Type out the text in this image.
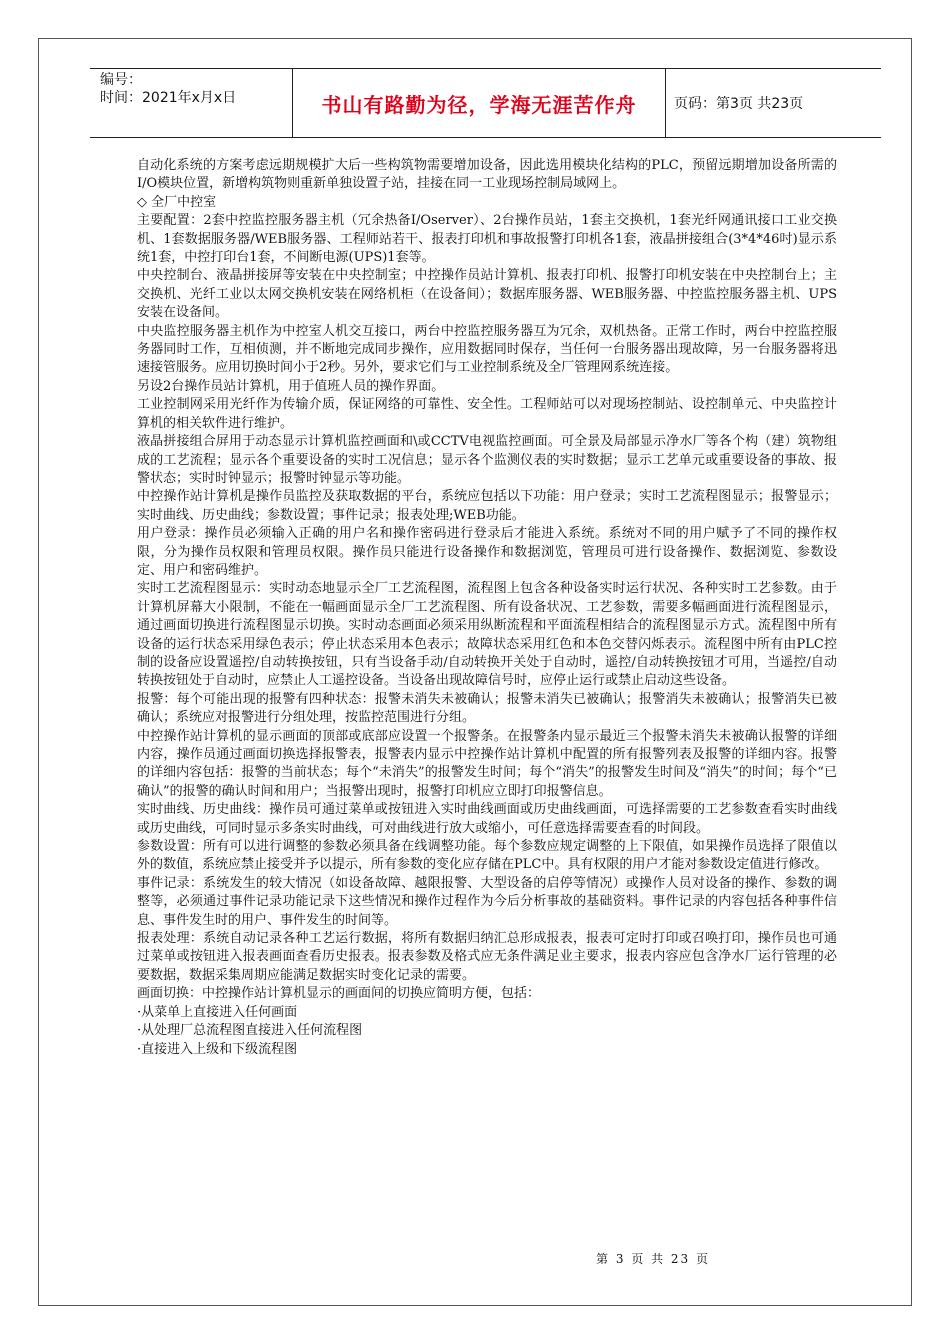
编号：
时间：2021年x月x日	书山有路勤为径，学海无涯苦作舟	页码：第3页 共23页

自动化系统的方案考虑远期规模扩大后一些构筑物需要增加设备，因此选用模块化结构的PLC，预留远期增加设备所需的I/O模块位置，新增构筑物则重新单独设置子站，挂接在同一工业现场控制局域网上。

◇ 全厂中控室

主要配置：2套中控监控服务器主机（冗余热备I/Oserver）、2台操作员站，1套主交换机，1套光纤网通讯接口工业交换机、1套数据服务器/WEB服务器、工程师站若干、报表打印机和事故报警打印机各1套，液晶拼接组合(3*4*46吋)显示系统1套，中控打印台1套，不间断电源(UPS)1套等。

中央控制台、液晶拼接屏等安装在中央控制室；中控操作员站计算机、报表打印机、报警打印机安装在中央控制台上；主交换机、光纤工业以太网交换机安装在网络机柜（在设备间）；数据库服务器、WEB服务器、中控监控服务器主机、UPS安装在设备间。

中央监控服务器主机作为中控室人机交互接口，两台中控监控服务器互为冗余，双机热备。正常工作时，两台中控监控服务器同时工作，互相侦测，并不断地完成同步操作，应用数据同时保存，当任何一台服务器出现故障，另一台服务器将迅速接管服务。应用切换时间小于2秒。另外，要求它们与工业控制系统及全厂管理网系统连接。

另设2台操作员站计算机，用于值班人员的操作界面。

工业控制网采用光纤作为传输介质，保证网络的可靠性、安全性。工程师站可以对现场控制站、设控制单元、中央监控计算机的相关软件进行维护。

液晶拼接组合屏用于动态显示计算机监控画面和\或CCTV电视监控画面。可全景及局部显示净水厂等各个构（建）筑物组成的工艺流程；显示各个重要设备的实时工况信息；显示各个监测仪表的实时数据；显示工艺单元或重要设备的事故、报警状态；实时时钟显示；报警时钟显示等功能。

中控操作站计算机是操作员监控及获取数据的平台，系统应包括以下功能：用户登录；实时工艺流程图显示；报警显示；实时曲线、历史曲线；参数设置；事件记录；报表处理;WEB功能。

用户登录：操作员必须输入正确的用户名和操作密码进行登录后才能进入系统。系统对不同的用户赋予了不同的操作权限，分为操作员权限和管理员权限。操作员只能进行设备操作和数据浏览，管理员可进行设备操作、数据浏览、参数设定、用户和密码维护。

实时工艺流程图显示：实时动态地显示全厂工艺流程图，流程图上包含各种设备实时运行状况、各种实时工艺参数。由于计算机屏幕大小限制，不能在一幅画面显示全厂工艺流程图、所有设备状况、工艺参数，需要多幅画面进行流程图显示，通过画面切换进行流程图显示切换。实时动态画面必须采用纵断流程和平面流程相结合的流程图显示方式。流程图中所有设备的运行状态采用绿色表示；停止状态采用本色表示；故障状态采用红色和本色交替闪烁表示。流程图中所有由PLC控制的设备应设置遥控/自动转换按钮，只有当设备手动/自动转换开关处于自动时，遥控/自动转换按钮才可用，当遥控/自动转换按钮处于自动时，应禁止人工遥控设备。当设备出现故障信号时，应停止运行或禁止启动这些设备。

报警：每个可能出现的报警有四种状态：报警未消失未被确认；报警未消失已被确认；报警消失未被确认；报警消失已被确认；系统应对报警进行分组处理，按监控范围进行分组。

中控操作站计算机的显示画面的顶部或底部应设置一个报警条。在报警条内显示最近三个报警未消失未被确认报警的详细内容，操作员通过画面切换选择报警表，报警表内显示中控操作站计算机中配置的所有报警列表及报警的详细内容。报警的详细内容包括：报警的当前状态；每个“未消失”的报警发生时间；每个“消失”的报警发生时间及“消失”的时间；每个“已确认”的报警的确认时间和用户；当报警出现时，报警打印机应立即打印报警信息。

实时曲线、历史曲线：操作员可通过菜单或按钮进入实时曲线画面或历史曲线画面，可选择需要的工艺参数查看实时曲线或历史曲线，可同时显示多条实时曲线，可对曲线进行放大或缩小，可任意选择需要查看的时间段。

参数设置：所有可以进行调整的参数必须具备在线调整功能。每个参数应规定调整的上下限值，如果操作员选择了限值以外的数值，系统应禁止接受并予以提示，所有参数的变化应存储在PLC中。具有权限的用户才能对参数设定值进行修改。

事件记录：系统发生的较大情况（如设备故障、越限报警、大型设备的启停等情况）或操作人员对设备的操作、参数的调整等，必须通过事件记录功能记录下这些情况和操作过程作为今后分析事故的基础资料。事件记录的内容包括各种事件信息、事件发生时的用户、事件发生的时间等。

报表处理：系统自动记录各种工艺运行数据，将所有数据归纳汇总形成报表，报表可定时打印或召唤打印，操作员也可通过菜单或按钮进入报表画面查看历史报表。报表参数及格式应无条件满足业主要求，报表内容应包含净水厂运行管理的必要数据，数据采集周期应能满足数据实时变化记录的需要。

画面切换：中控操作站计算机显示的画面间的切换应简明方便，包括：

·从菜单上直接进入任何画面

·从处理厂总流程图直接进入任何流程图

·直接进入上级和下级流程图

第 3 页 共 23 页
